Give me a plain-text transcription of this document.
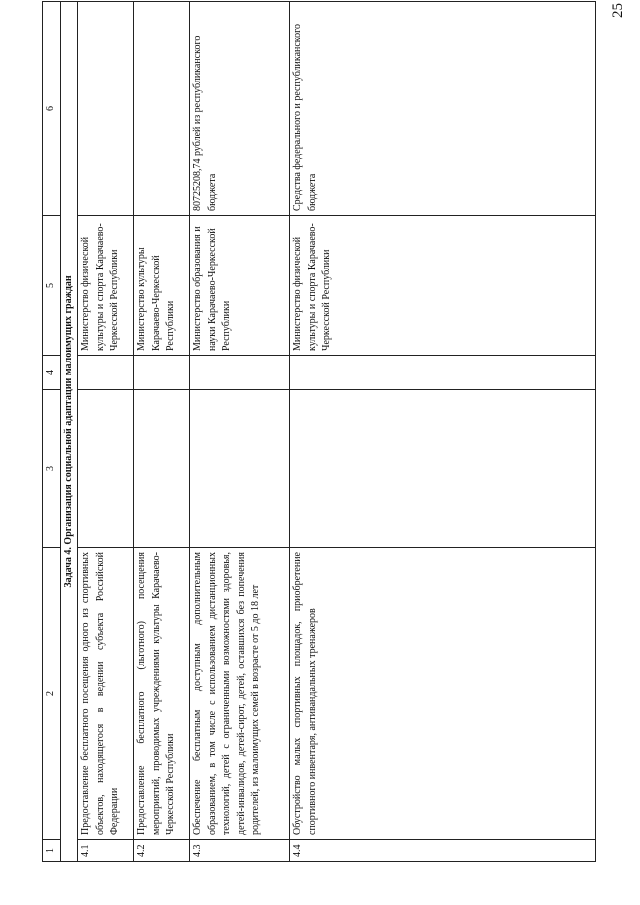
25
1	2	3	4	5	6
Задача 4. Организация социальной адаптации малоимущих граждан					
4.1	Предоставление бесплатного посещения одного из спортивных объектов, находящегося в ведении субъекта Российской Федерации			Министерство физической культуры и спорта Карачаево-Черкесской Республики	
4.2	Предоставление бесплатного (льготного) посещения мероприятий, проводимых учреждениями культуры Карачаево-Черкесской Республики			Министерство культуры Карачаево-Черкесской Республики	
4.3	Обеспечение бесплатным доступным дополнительным образованием, в том числе с использованием дистанционных технологий, детей с ограниченными возможностями здоровья, детей-инвалидов, детей-сирот, детей, оставшихся без попечения родителей, из малоимущих семей в возрасте от 5 до 18 лет			Министерство образования и науки Карачаево-Черкесской Республики	80725208,74 рублей из республиканского бюджета
4.4	Обустройство малых спортивных площадок, приобретение спортивного инвентаря, антивандальных тренажеров			Министерство физической культуры и спорта Карачаево-Черкесской Республики	Средства федерального и республиканского бюджета
